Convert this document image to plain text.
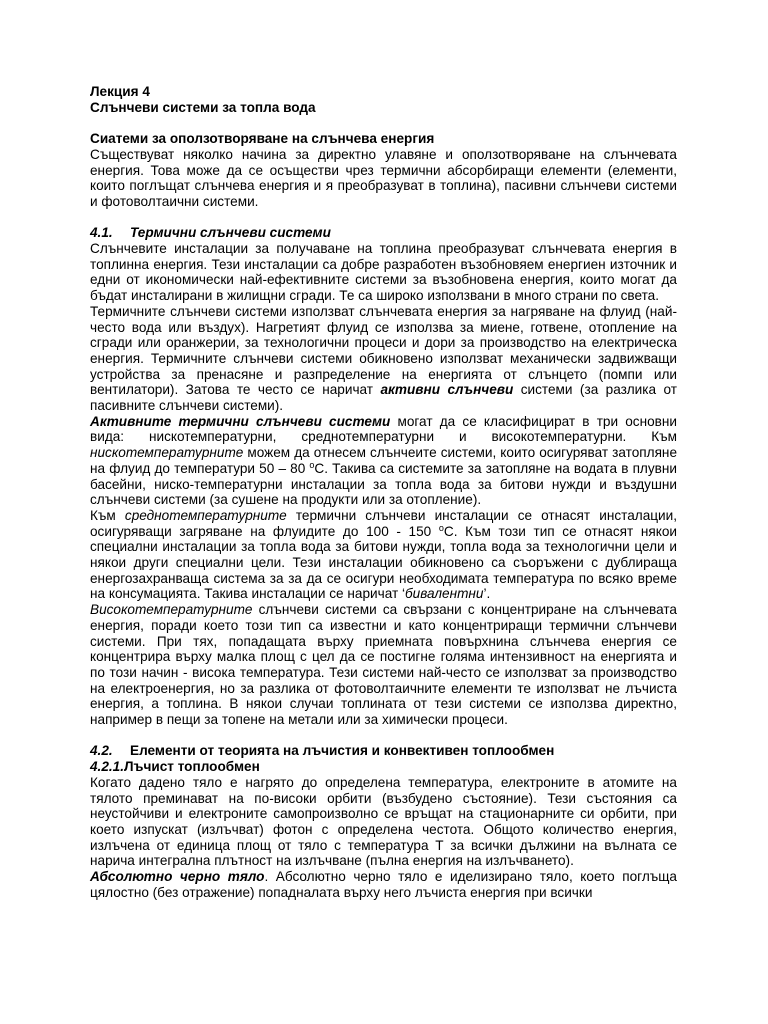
Лекция 4

Слънчеви системи за топла вода

Сиатеми за оползотворяване на слънчева енергия

Съществуват няколко начина за директно улавяне и оползотворяване на слънчевата енергия. Това може да се осъществи чрез термични абсорбиращи елементи (елементи, които поглъщат слънчева енергия и я преобразуват в топлина), пасивни слънчеви системи и фотоволтаични системи.

4.1. Термични слънчеви системи

Слънчевите инсталации за получаване на топлина преобразуват слънчевата енергия в топлинна енергия. Тези инсталации са добре разработен възобновяем енергиен източник и едни от икономически най-ефективните системи за възобновена енергия, които могат да бъдат инсталирани в жилищни сгради. Те са широко използвани в много страни по света.

Термичните слънчеви системи използват слънчевата енергия за нагряване на флуид (най-често вода или въздух). Нагретият флуид се използва за миене, готвене, отопление на сгради или оранжерии, за технологични процеси и дори за производство на електрическа енергия. Термичните слънчеви системи обикновено използват механически задвижващи устройства за пренасяне и разпределение на енергията от слънцето (помпи или вентилатори). Затова те често се наричат активни слънчеви системи (за разлика от пасивните слънчеви системи).

Активните термични слънчеви системи могат да се класифицират в три основни вида: нискотемпературни, среднотемпературни и високотемпературни. Към нискотемпературните можем да отнесем слънчеите системи, които осигуряват затопляне на флуид до температури 50 – 80 $^o$C. Такива са системите за затопляне на водата в плувни басейни, ниско-температурни инсталации за топла вода за битови нужди и въздушни слънчеви системи (за сушене на продукти или за отопление).

Към среднотемпературните термични слънчеви инсталации се отнасят инсталации, осигуряващи загряване на флуидите до 100 - 150 $^o$C. Към този тип се отнасят някои специални инсталации за топла вода за битови нужди, топла вода за технологични цели и някои други специални цели. Тези инсталации обикновено са съоръжени с дублираща енергозахранваща система за за да се осигури необходимата температура по всяко време на консумацията. Такива инсталации се наричат ‘бивалентни’.

Високотемпературните слънчеви системи са свързани с концентриране на слънчевата енергия, поради което този тип са известни и като концентриращи термични слънчеви системи. При тях, попадащата върху приемната повърхнина слънчева енергия се концентрира върху малка площ с цел да се постигне голяма интензивност на енергията и по този начин - висока температура. Тези системи най-често се използват за производство на електроенергия, но за разлика от фотоволтаичните елементи те използват не лъчиста енергия, а топлина. В някои случаи топлината от тези системи се използва директно, например в пещи за топене на метали или за химически процеси.

4.2. Елементи от теорията на лъчистия и конвективен топлообмен

4.2.1.Лъчист топлообмен

Когато дадено тяло е нагрято до определена температура, електроните в атомите на тялото преминават на по-високи орбити (възбудено състояние). Тези състояния са неустойчиви и електроните самопроизволно се връщат на стационарните си орбити, при което изпускат (излъчват) фотон с определена честота. Общото количество енергия, излъчена от единица площ от тяло с температура Т за всички дължини на вълната се нарича интегрална плътност на излъчване (пълна енергия на излъчването).

Абсолютно черно тяло. Абсолютно черно тяло е иделизирано тяло, което поглъща цялостно (без отражение) попадналата върху него лъчиста енергия при всички
